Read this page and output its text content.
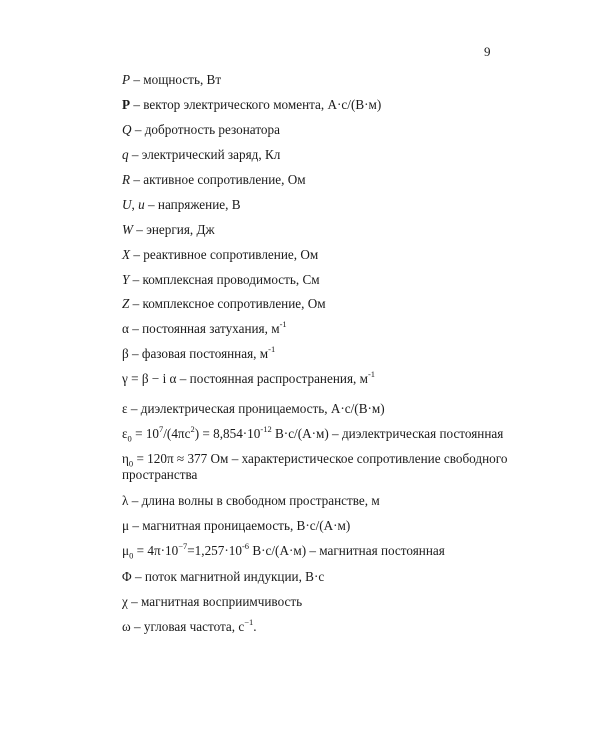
9

P – мощность, Вт

P – вектор электрического момента, А·с/(В·м)

Q – добротность резонатора

q – электрический заряд, Кл

R – активное сопротивление, Ом

U, u – напряжение, В

W – энергия, Дж

X – реактивное сопротивление, Ом

Y – комплексная проводимость, См

Z – комплексное сопротивление, Ом

α – постоянная затухания, $м^{-1}$

β – фазовая постоянная, $м^{-1}$

γ = β − i α – постоянная распространения, $м^{-1}$

ε – диэлектрическая проницаемость, А·с/(В·м)

$\varepsilon_0 = 10^7/(4\pi с^2) = 8,854\cdot 10^{-12}$ В·с/(А·м) – диэлектрическая постоянная

$\eta_0 = 120\pi \approx 377$ Ом – характеристическое сопротивление свободного

пространства

λ – длина волны в свободном пространстве, м

μ – магнитная проницаемость, В·с/(А·м)

$\mu_0 = 4\pi\cdot 10^{-7}=1,257\cdot 10^{-6}$ В·с/(А·м) – магнитная постоянная

Φ – поток магнитной индукции, В·с

χ – магнитная восприимчивость

ω – угловая частота, $с^{-1}$.
